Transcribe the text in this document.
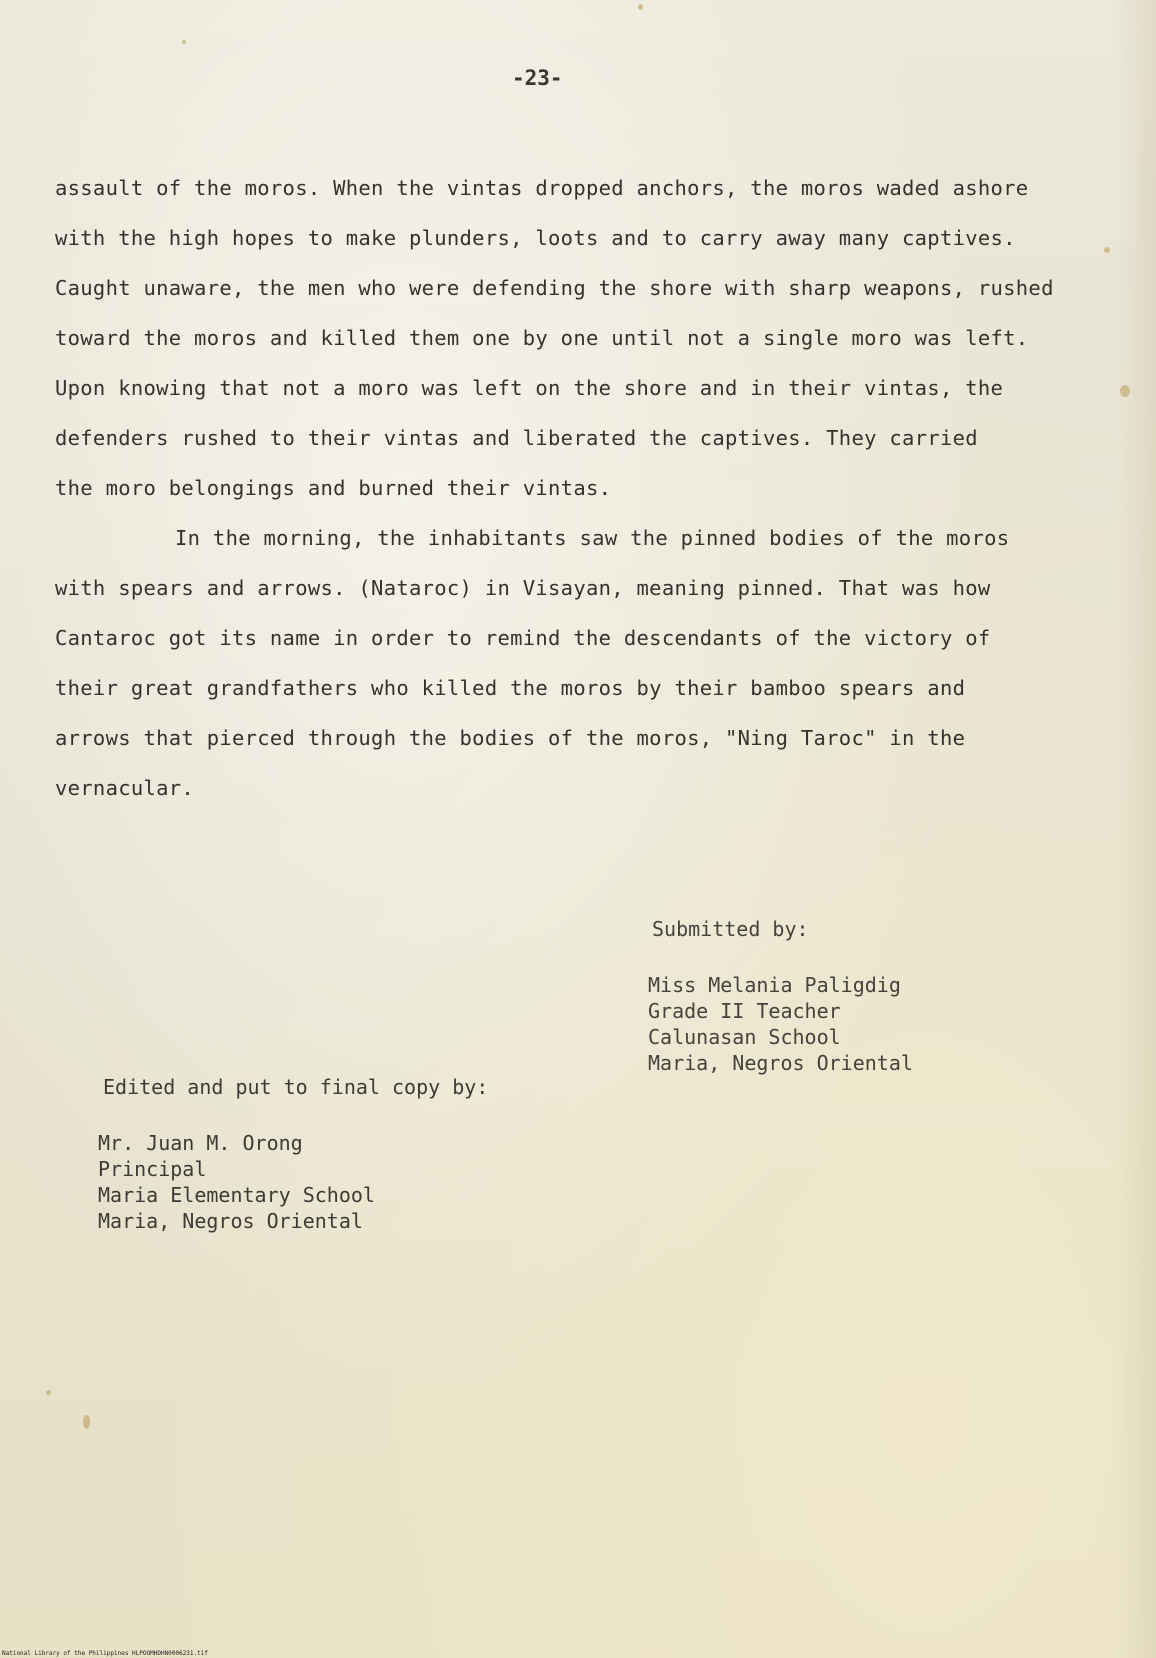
-23-
assault of the moros. When the vintas dropped anchors, the moros waded ashore
with the high hopes to make plunders, loots and to carry away many captives.
Caught unaware, the men who were defending the shore with sharp weapons, rushed
toward the moros and killed them one by one until not a single moro was left.
Upon knowing that not a moro was left on the shore and in their vintas, the
defenders rushed to their vintas and liberated the captives. They carried
the moro belongings and burned their vintas.
In the morning, the inhabitants saw the pinned bodies of the moros
with spears and arrows. (Nataroc) in Visayan, meaning pinned. That was how
Cantaroc got its name in order to remind the descendants of the victory of
their great grandfathers who killed the moros by their bamboo spears and
arrows that pierced through the bodies of the moros, "Ning Taroc" in the
vernacular.
Submitted by:
Miss Melania Paligdig
Grade II Teacher
Calunasan School
Maria, Negros Oriental
Edited and put to final copy by:
Mr. Juan M. Orong
Principal
Maria Elementary School
Maria, Negros Oriental
National Library of the Philippines HLPOOMHDHN0006231.tif
